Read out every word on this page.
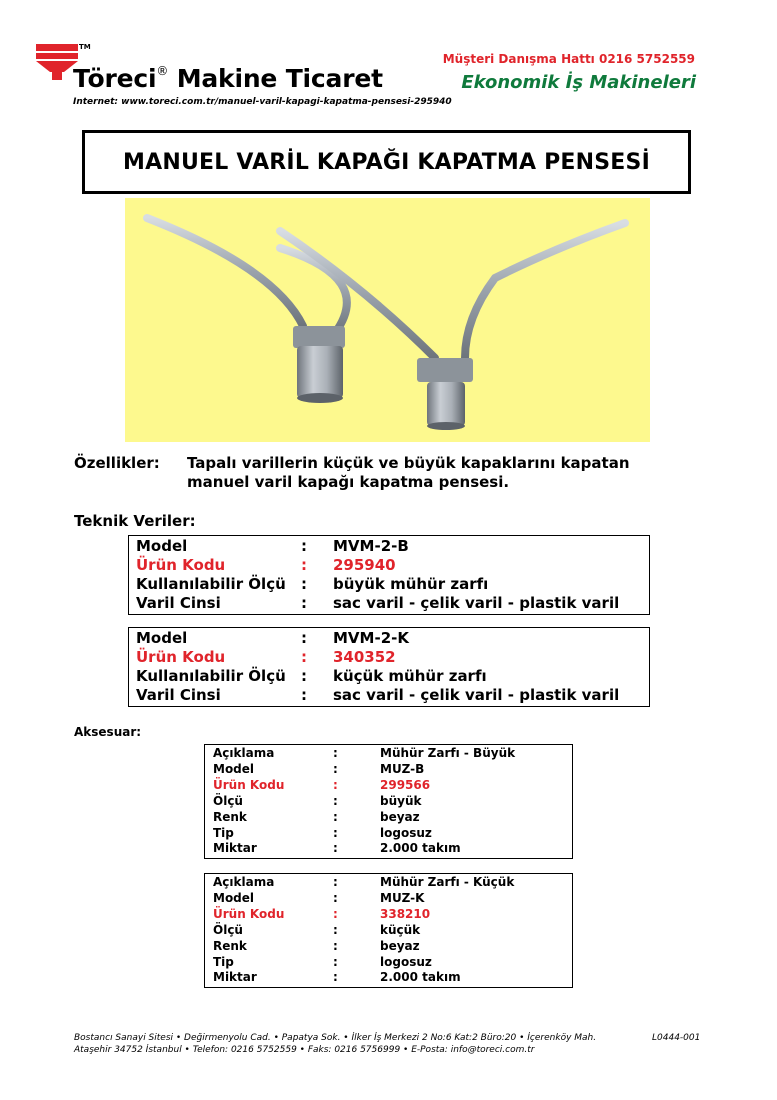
TM
Töreci® Makine Ticaret
Internet: www.toreci.com.tr/manuel-varil-kapagi-kapatma-pensesi-295940
Müşteri Danışma Hattı 0216 5752559
Ekonomik İş Makineleri
MANUEL VARİL KAPAĞI KAPATMA PENSESİ
Özellikler: Tapalı varillerin küçük ve büyük kapaklarını kapatan
manuel varil kapağı kapatma pensesi.
Teknik Veriler:
Model	:	MVM-2-B
Ürün Kodu	:	295940
Kullanılabilir Ölçü	:	büyük mühür zarfı
Varil Cinsi	:	sac varil - çelik varil - plastik varil
Model	:	MVM-2-K
Ürün Kodu	:	340352
Kullanılabilir Ölçü	:	küçük mühür zarfı
Varil Cinsi	:	sac varil - çelik varil - plastik varil
Aksesuar:
Açıklama	:	Mühür Zarfı - Büyük
Model	:	MUZ-B
Ürün Kodu	:	299566
Ölçü	:	büyük
Renk	:	beyaz
Tip	:	logosuz
Miktar	:	2.000 takım
Açıklama	:	Mühür Zarfı - Küçük
Model	:	MUZ-K
Ürün Kodu	:	338210
Ölçü	:	küçük
Renk	:	beyaz
Tip	:	logosuz
Miktar	:	2.000 takım
Bostancı Sanayi Sitesi • Değirmenyolu Cad. • Papatya Sok. • İlker İş Merkezi 2 No:6 Kat:2 Büro:20 • İçerenköy Mah.
Ataşehir 34752 İstanbul • Telefon: 0216 5752559 • Faks: 0216 5756999 • E-Posta: info@toreci.com.tr
L0444-001
